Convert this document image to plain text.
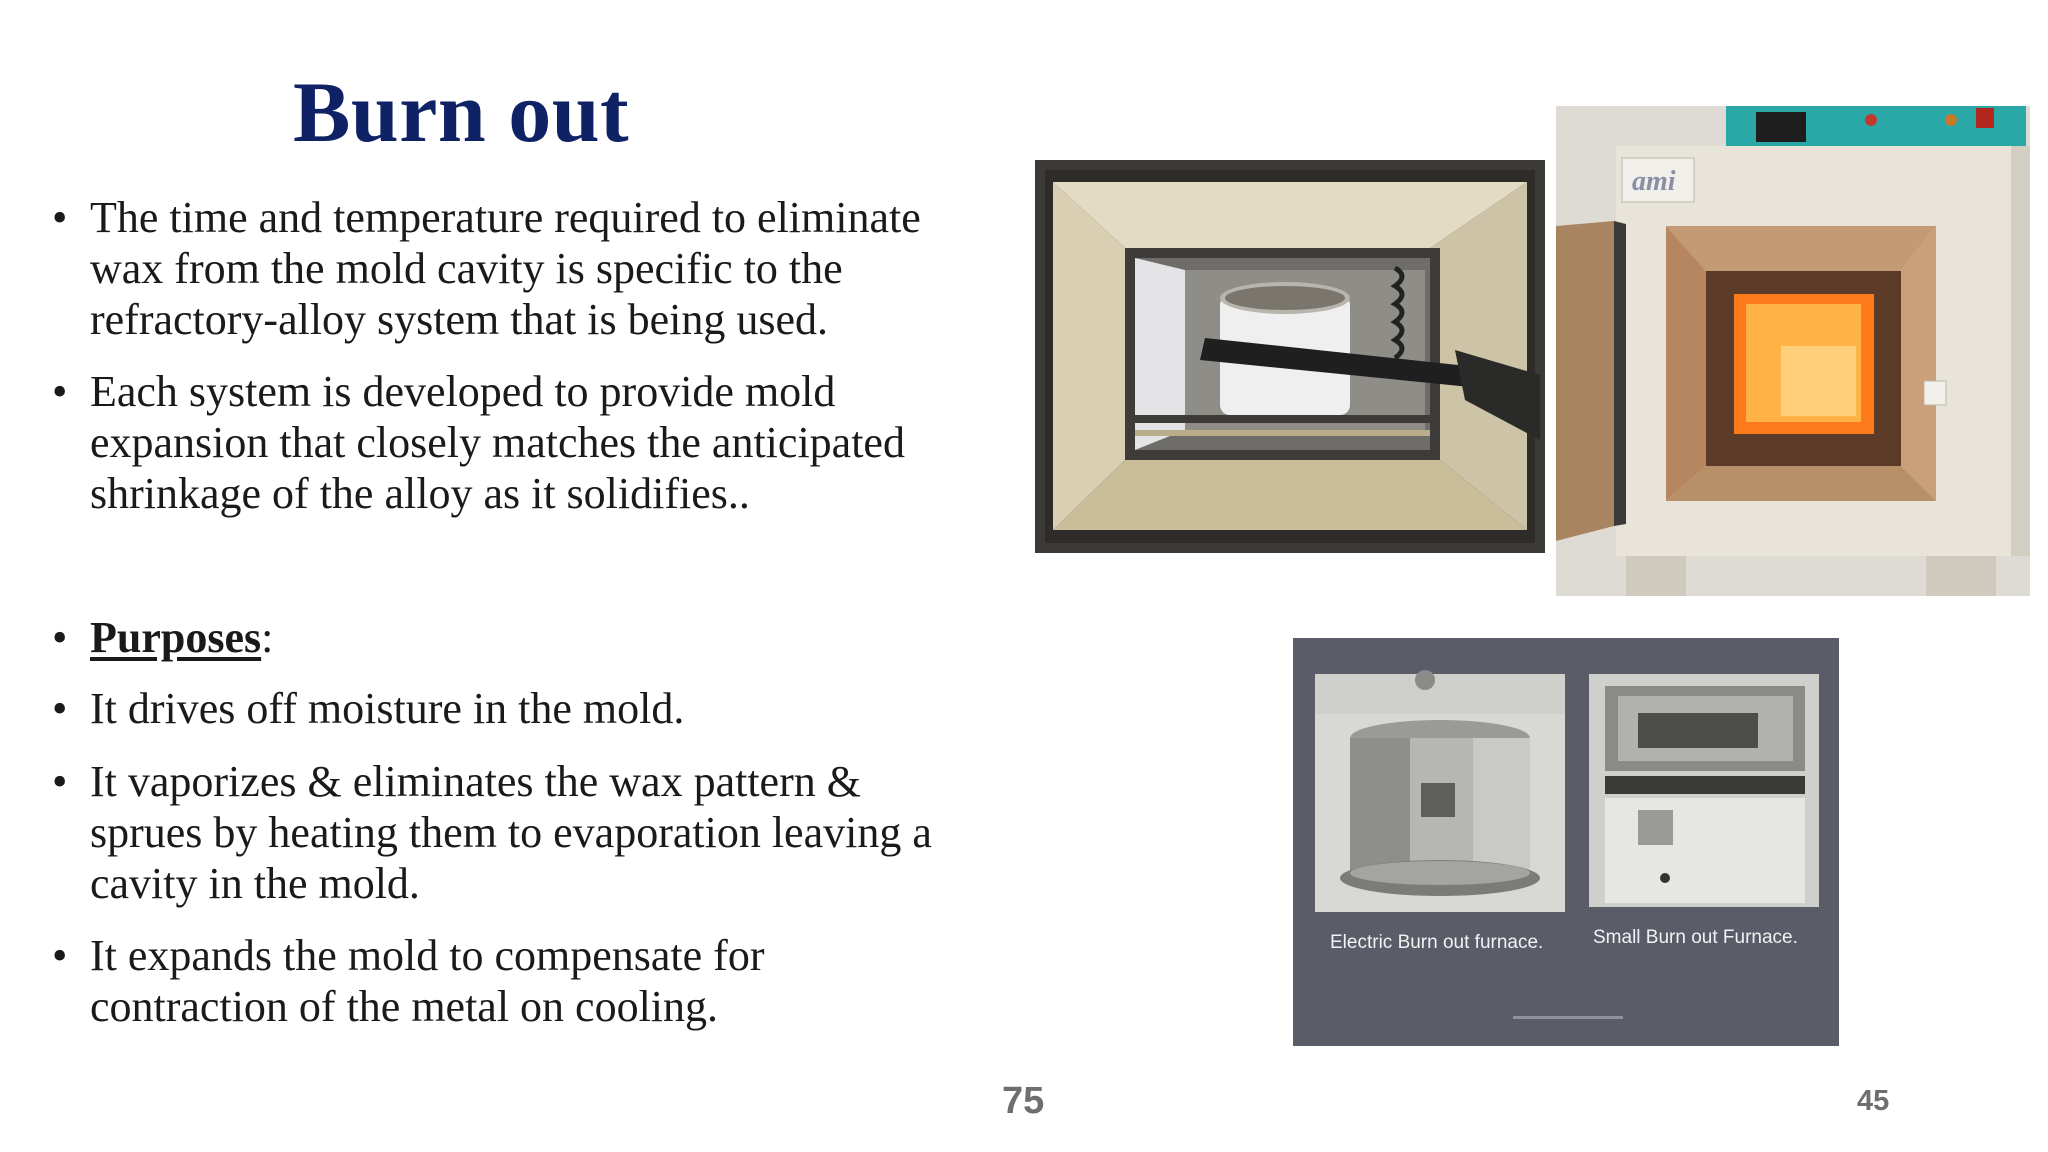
Burn out
• The time and temperature required to eliminate
wax from the mold cavity is specific to the
refractory-alloy system that is being used.
• Each system is developed to provide mold
expansion that closely matches the anticipated
shrinkage of the alloy as it solidifies..
• Purposes:
• It drives off moisture in the mold.
• It vaporizes & eliminates the wax pattern &
sprues by heating them to evaporation leaving a
cavity in the mold.
• It expands the mold to compensate for
contraction of the metal on cooling.
ami
Electric Burn out furnace.	Small Burn out Furnace.
75	45
